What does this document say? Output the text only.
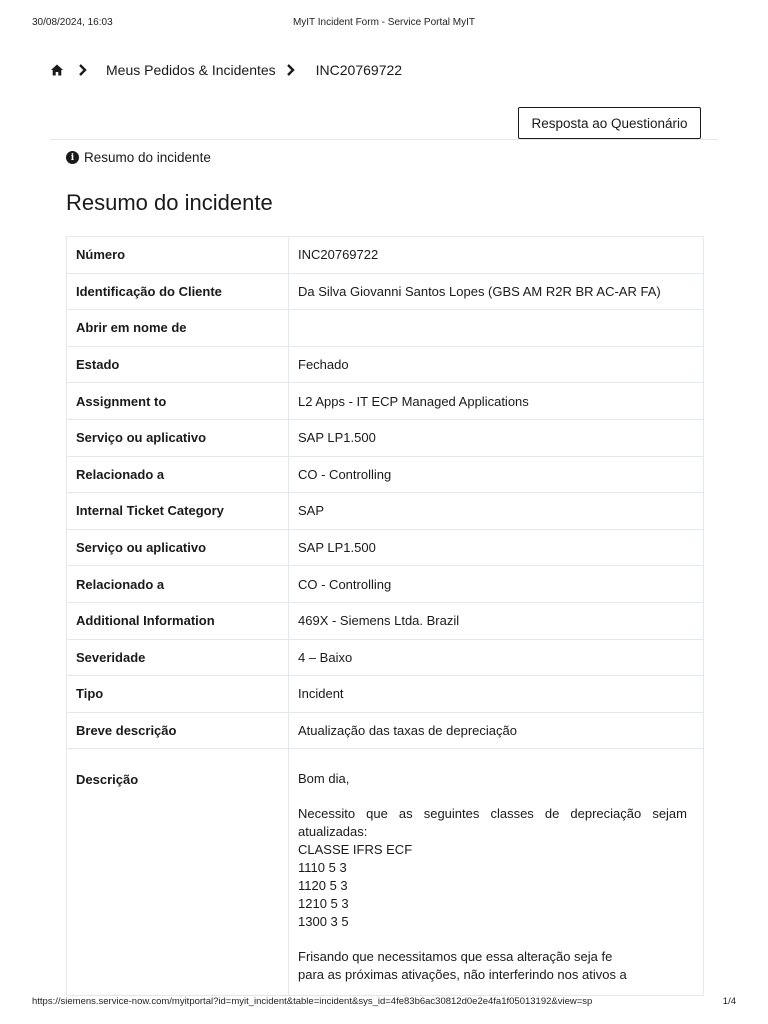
30/08/2024, 16:03	MyIT Incident Form - Service Portal MyIT
Meus Pedidos & Incidentes	INC20769722
Resposta ao Questionário
i Resumo do incidente
Resumo do incidente
Número	INC20769722
Identificação do Cliente	Da Silva Giovanni Santos Lopes (GBS AM R2R BR AC-AR FA)
Abrir em nome de
Estado	Fechado
Assignment to	L2 Apps - IT ECP Managed Applications
Serviço ou aplicativo	SAP LP1.500
Relacionado a	CO - Controlling
Internal Ticket Category	SAP
Serviço ou aplicativo	SAP LP1.500
Relacionado a	CO - Controlling
Additional Information	469X - Siemens Ltda. Brazil
Severidade	4 – Baixo
Tipo	Incident
Breve descrição	Atualização das taxas de depreciação
Descrição	Bom dia,

Necessito que as seguintes classes de depreciação sejam atualizadas:

CLASSE IFRS ECF
1110 5 3
1120 5 3
1210 5 3
1300 3 5
Frisando que necessitamos que essa alteração seja fe
para as próximas ativações, não interferindo nos ativos a
https://siemens.service-now.com/myitportal?id=myit_incident&table=incident&sys_id=4fe83b6ac30812d0e2e4fa1f05013192&view=sp	1/4
